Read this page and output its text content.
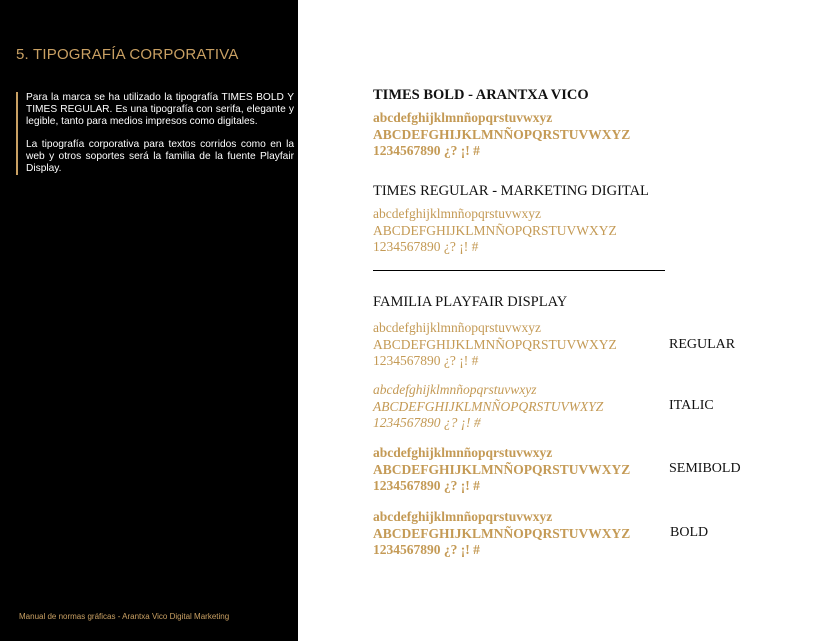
5. TIPOGRAFÍA CORPORATIVA

Para la marca se ha utilizado la tipografía TIMES BOLD Y TIMES REGULAR. Es una tipografía con serifa, elegante y legible, tanto para medios impresos como digitales.

La tipografía corporativa para textos corridos como en la web y otros soportes será la familia de la fuente Playfair Display.

Manual de normas gráficas - Arantxa Vico Digital Marketing
TIMES BOLD - ARANTXA VICO
abcdefghijklmnñopqrstuvwxyz
ABCDEFGHIJKLMNÑOPQRSTUVWXYZ
1234567890 ¿? ¡! #
TIMES REGULAR - MARKETING DIGITAL
abcdefghijklmnñopqrstuvwxyz
ABCDEFGHIJKLMNÑOPQRSTUVWXYZ
1234567890 ¿? ¡! #
FAMILIA PLAYFAIR DISPLAY
abcdefghijklmnñopqrstuvwxyz
ABCDEFGHIJKLMNÑOPQRSTUVWXYZ
1234567890 ¿? ¡! #
REGULAR
abcdefghijklmnñopqrstuvwxyz
ABCDEFGHIJKLMNÑOPQRSTUVWXYZ
1234567890 ¿? ¡! #
ITALIC
abcdefghijklmnñopqrstuvwxyz
ABCDEFGHIJKLMNÑOPQRSTUVWXYZ
1234567890 ¿? ¡! #
SEMIBOLD
abcdefghijklmnñopqrstuvwxyz
ABCDEFGHIJKLMNÑOPQRSTUVWXYZ
1234567890 ¿? ¡! #
BOLD
